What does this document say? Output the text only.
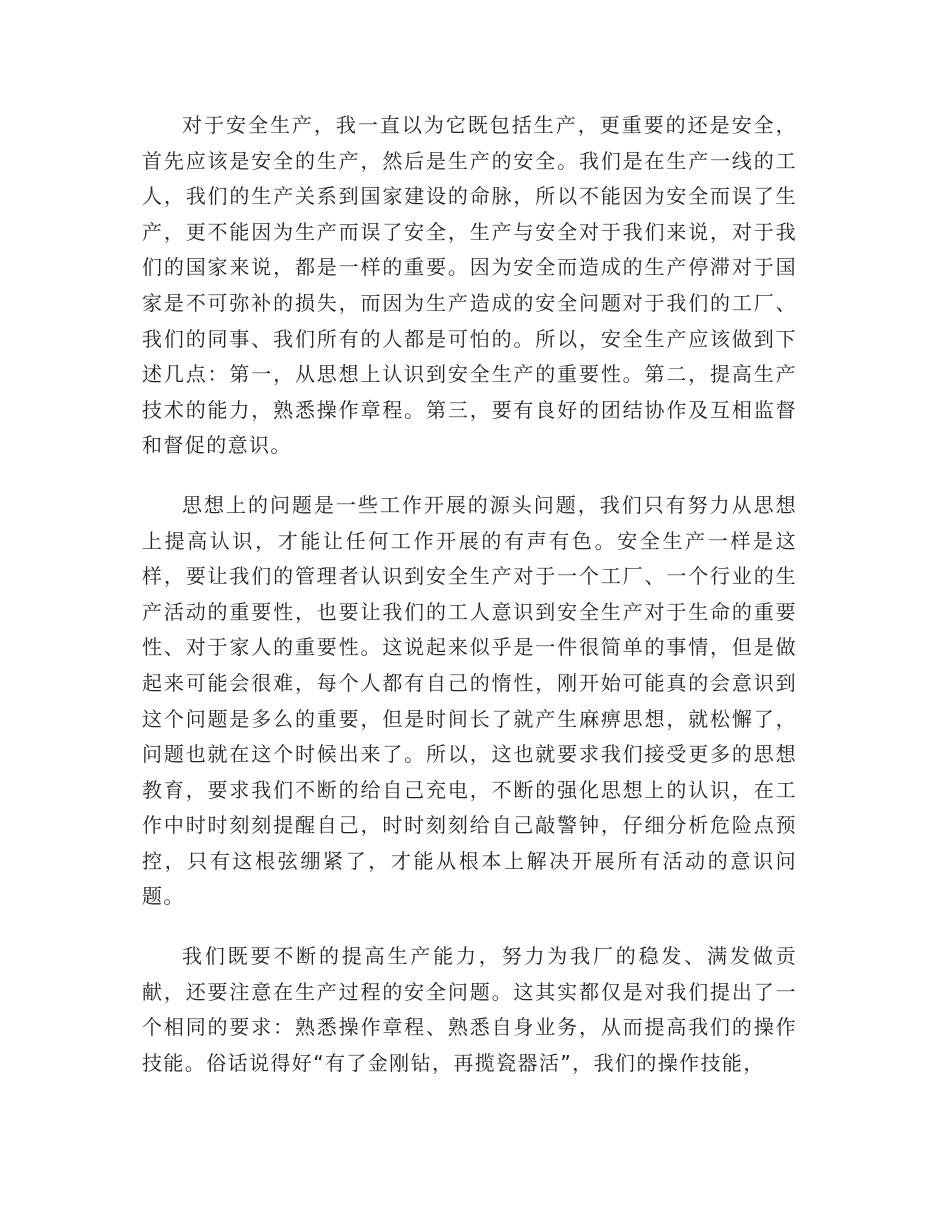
对于安全生产，我一直以为它既包括生产，更重要的还是安全，首先应该是安全的生产，然后是生产的安全。我们是在生产一线的工人，我们的生产关系到国家建设的命脉，所以不能因为安全而误了生产，更不能因为生产而误了安全，生产与安全对于我们来说，对于我们的国家来说，都是一样的重要。因为安全而造成的生产停滞对于国家是不可弥补的损失，而因为生产造成的安全问题对于我们的工厂、我们的同事、我们所有的人都是可怕的。所以，安全生产应该做到下述几点：第一，从思想上认识到安全生产的重要性。第二，提高生产技术的能力，熟悉操作章程。第三，要有良好的团结协作及互相监督和督促的意识。

思想上的问题是一些工作开展的源头问题，我们只有努力从思想上提高认识，才能让任何工作开展的有声有色。安全生产一样是这样，要让我们的管理者认识到安全生产对于一个工厂、一个行业的生产活动的重要性，也要让我们的工人意识到安全生产对于生命的重要性、对于家人的重要性。这说起来似乎是一件很简单的事情，但是做起来可能会很难，每个人都有自己的惰性，刚开始可能真的会意识到这个问题是多么的重要，但是时间长了就产生麻痹思想，就松懈了，问题也就在这个时候出来了。所以，这也就要求我们接受更多的思想教育，要求我们不断的给自己充电，不断的强化思想上的认识，在工作中时时刻刻提醒自己，时时刻刻给自己敲警钟，仔细分析危险点预控，只有这根弦绷紧了，才能从根本上解决开展所有活动的意识问题。

我们既要不断的提高生产能力，努力为我厂的稳发、满发做贡献，还要注意在生产过程的安全问题。这其实都仅是对我们提出了一个相同的要求：熟悉操作章程、熟悉自身业务，从而提高我们的操作技能。俗话说得好“有了金刚钻，再揽瓷器活”，我们的操作技能，
